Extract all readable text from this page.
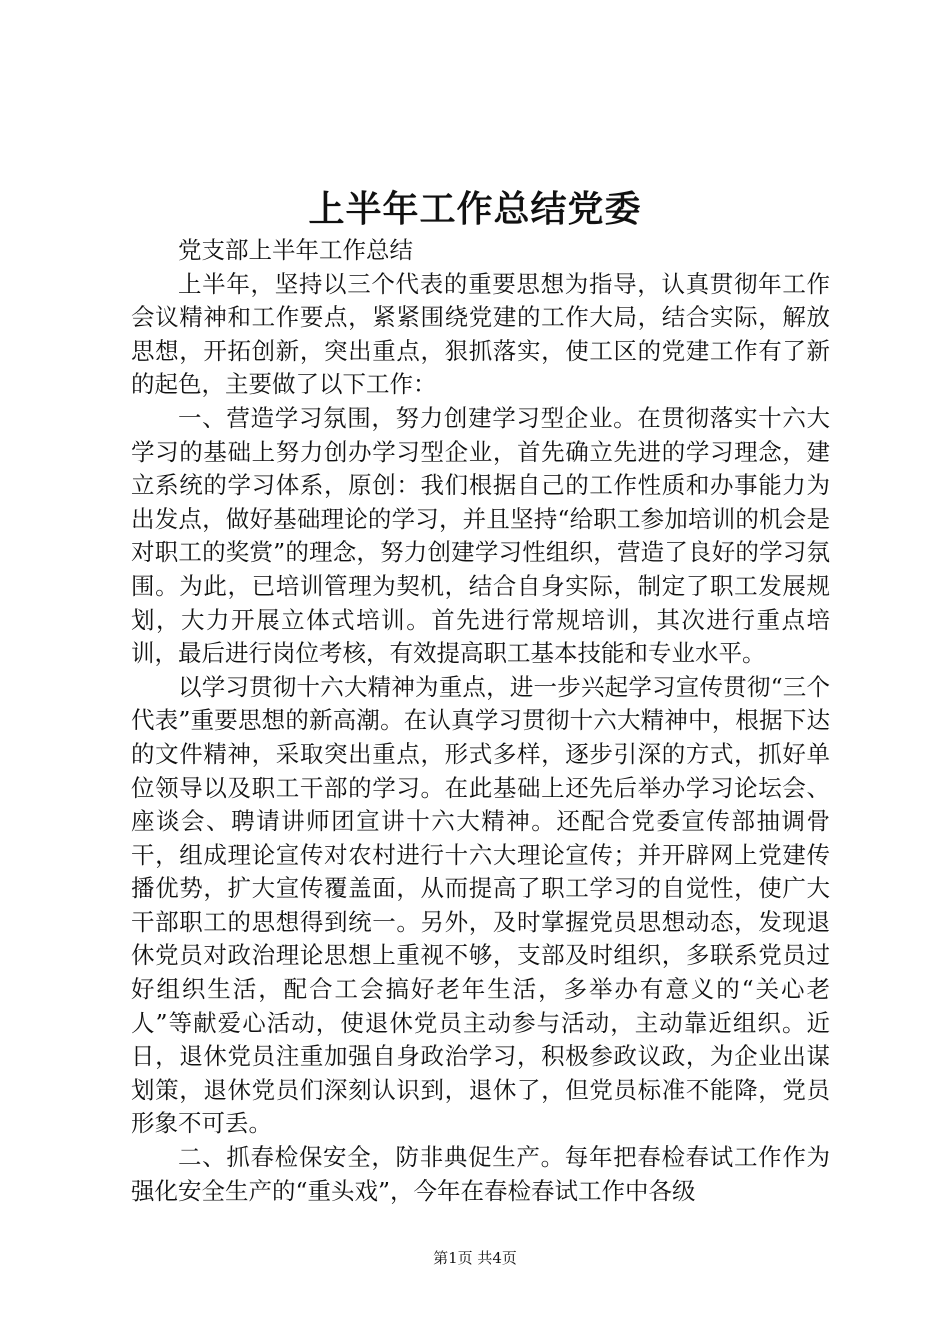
上半年工作总结党委

党支部上半年工作总结

上半年，坚持以三个代表的重要思想为指导，认真贯彻年工作会议精神和工作要点，紧紧围绕党建的工作大局，结合实际，解放思想，开拓创新，突出重点，狠抓落实，使工区的党建工作有了新的起色，主要做了以下工作：

一、营造学习氛围，努力创建学习型企业。在贯彻落实十六大学习的基础上努力创办学习型企业，首先确立先进的学习理念，建立系统的学习体系，原创：我们根据自己的工作性质和办事能力为出发点，做好基础理论的学习，并且坚持“给职工参加培训的机会是对职工的奖赏”的理念，努力创建学习性组织，营造了良好的学习氛围。为此，已培训管理为契机，结合自身实际，制定了职工发展规划，大力开展立体式培训。首先进行常规培训，其次进行重点培训，最后进行岗位考核，有效提高职工基本技能和专业水平。

以学习贯彻十六大精神为重点，进一步兴起学习宣传贯彻“三个代表”重要思想的新高潮。在认真学习贯彻十六大精神中，根据下达的文件精神，采取突出重点，形式多样，逐步引深的方式，抓好单位领导以及职工干部的学习。在此基础上还先后举办学习论坛会、座谈会、聘请讲师团宣讲十六大精神。还配合党委宣传部抽调骨干，组成理论宣传对农村进行十六大理论宣传；并开辟网上党建传播优势，扩大宣传覆盖面，从而提高了职工学习的自觉性，使广大干部职工的思想得到统一。另外，及时掌握党员思想动态，发现退休党员对政治理论思想上重视不够，支部及时组织，多联系党员过好组织生活，配合工会搞好老年生活，多举办有意义的“关心老人”等献爱心活动，使退休党员主动参与活动，主动靠近组织。近日，退休党员注重加强自身政治学习，积极参政议政，为企业出谋划策，退休党员们深刻认识到，退休了，但党员标准不能降，党员形象不可丢。

二、抓春检保安全，防非典促生产。每年把春检春试工作作为强化安全生产的“重头戏”，今年在春检春试工作中各级

第1页 共4页
